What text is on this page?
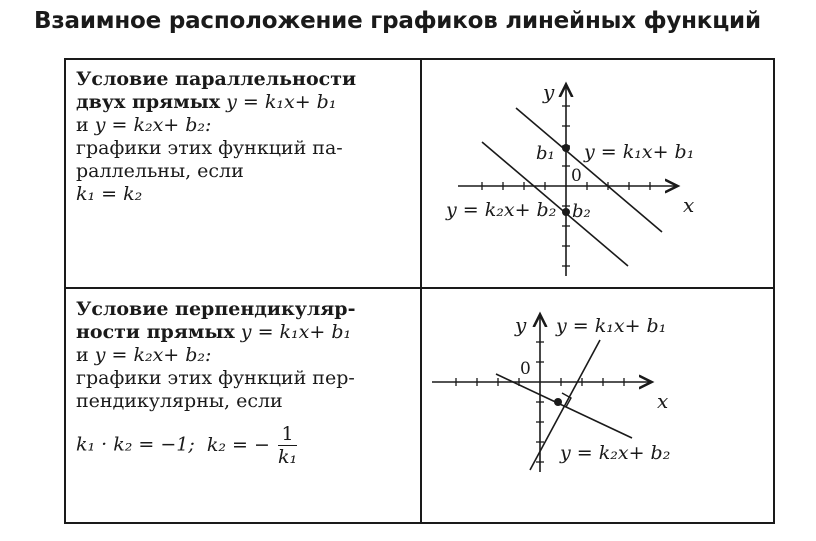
Взаимное расположение графиков линейных функций
Условие параллельности
двух прямых y = k₁x+ b₁
и y = k₂x+ b₂:
графики этих функций па-
раллельны, если
k₁ = k₂
Условие перпендикуляр-
ности прямых y = k₁x+ b₁
и y = k₂x+ b₂:
графики этих функций пер-
пендикулярны, если
k₁ · k₂ = −1; k₂ = − $\frac{1}{\text{k₁}}$
y
x
0
b₁
b₂
y = k₁x+ b₁
y = k₂x+ b₂
y
x
0
y = k₁x+ b₁
y = k₂x+ b₂
